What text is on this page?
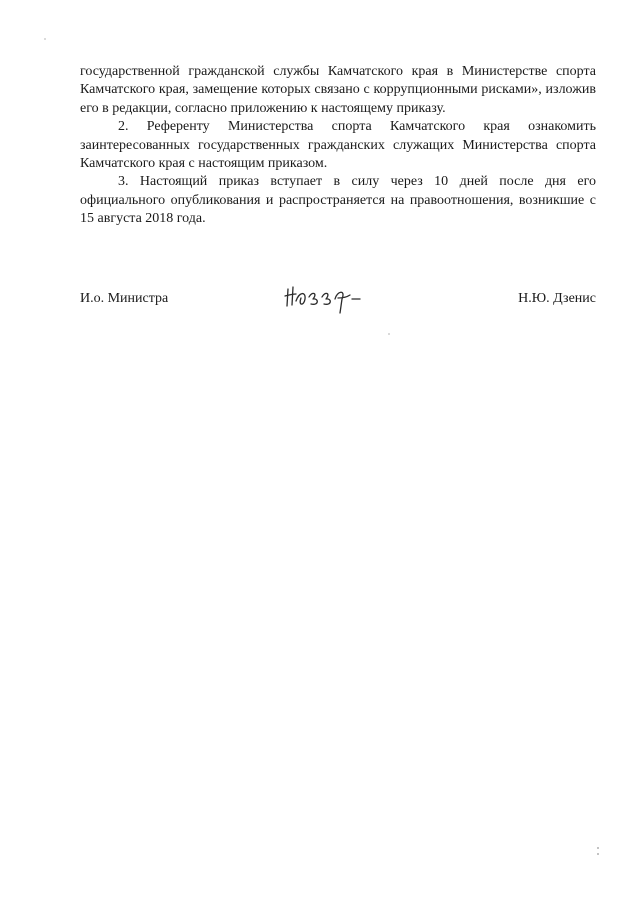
государственной гражданской службы Камчатского края в Министерстве спорта Камчатского края, замещение которых связано с коррупционными рисками», изложив его в редакции, согласно приложению к настоящему приказу.

2. Референту Министерства спорта Камчатского края ознакомить заинтересованных государственных гражданских служащих Министерства спорта Камчатского края с настоящим приказом.

3. Настоящий приказ вступает в силу через 10 дней после дня его официального опубликования и распространяется на правоотношения, возникшие с 15 августа 2018 года.

И.о. Министра	Н.Ю. Дзенис
